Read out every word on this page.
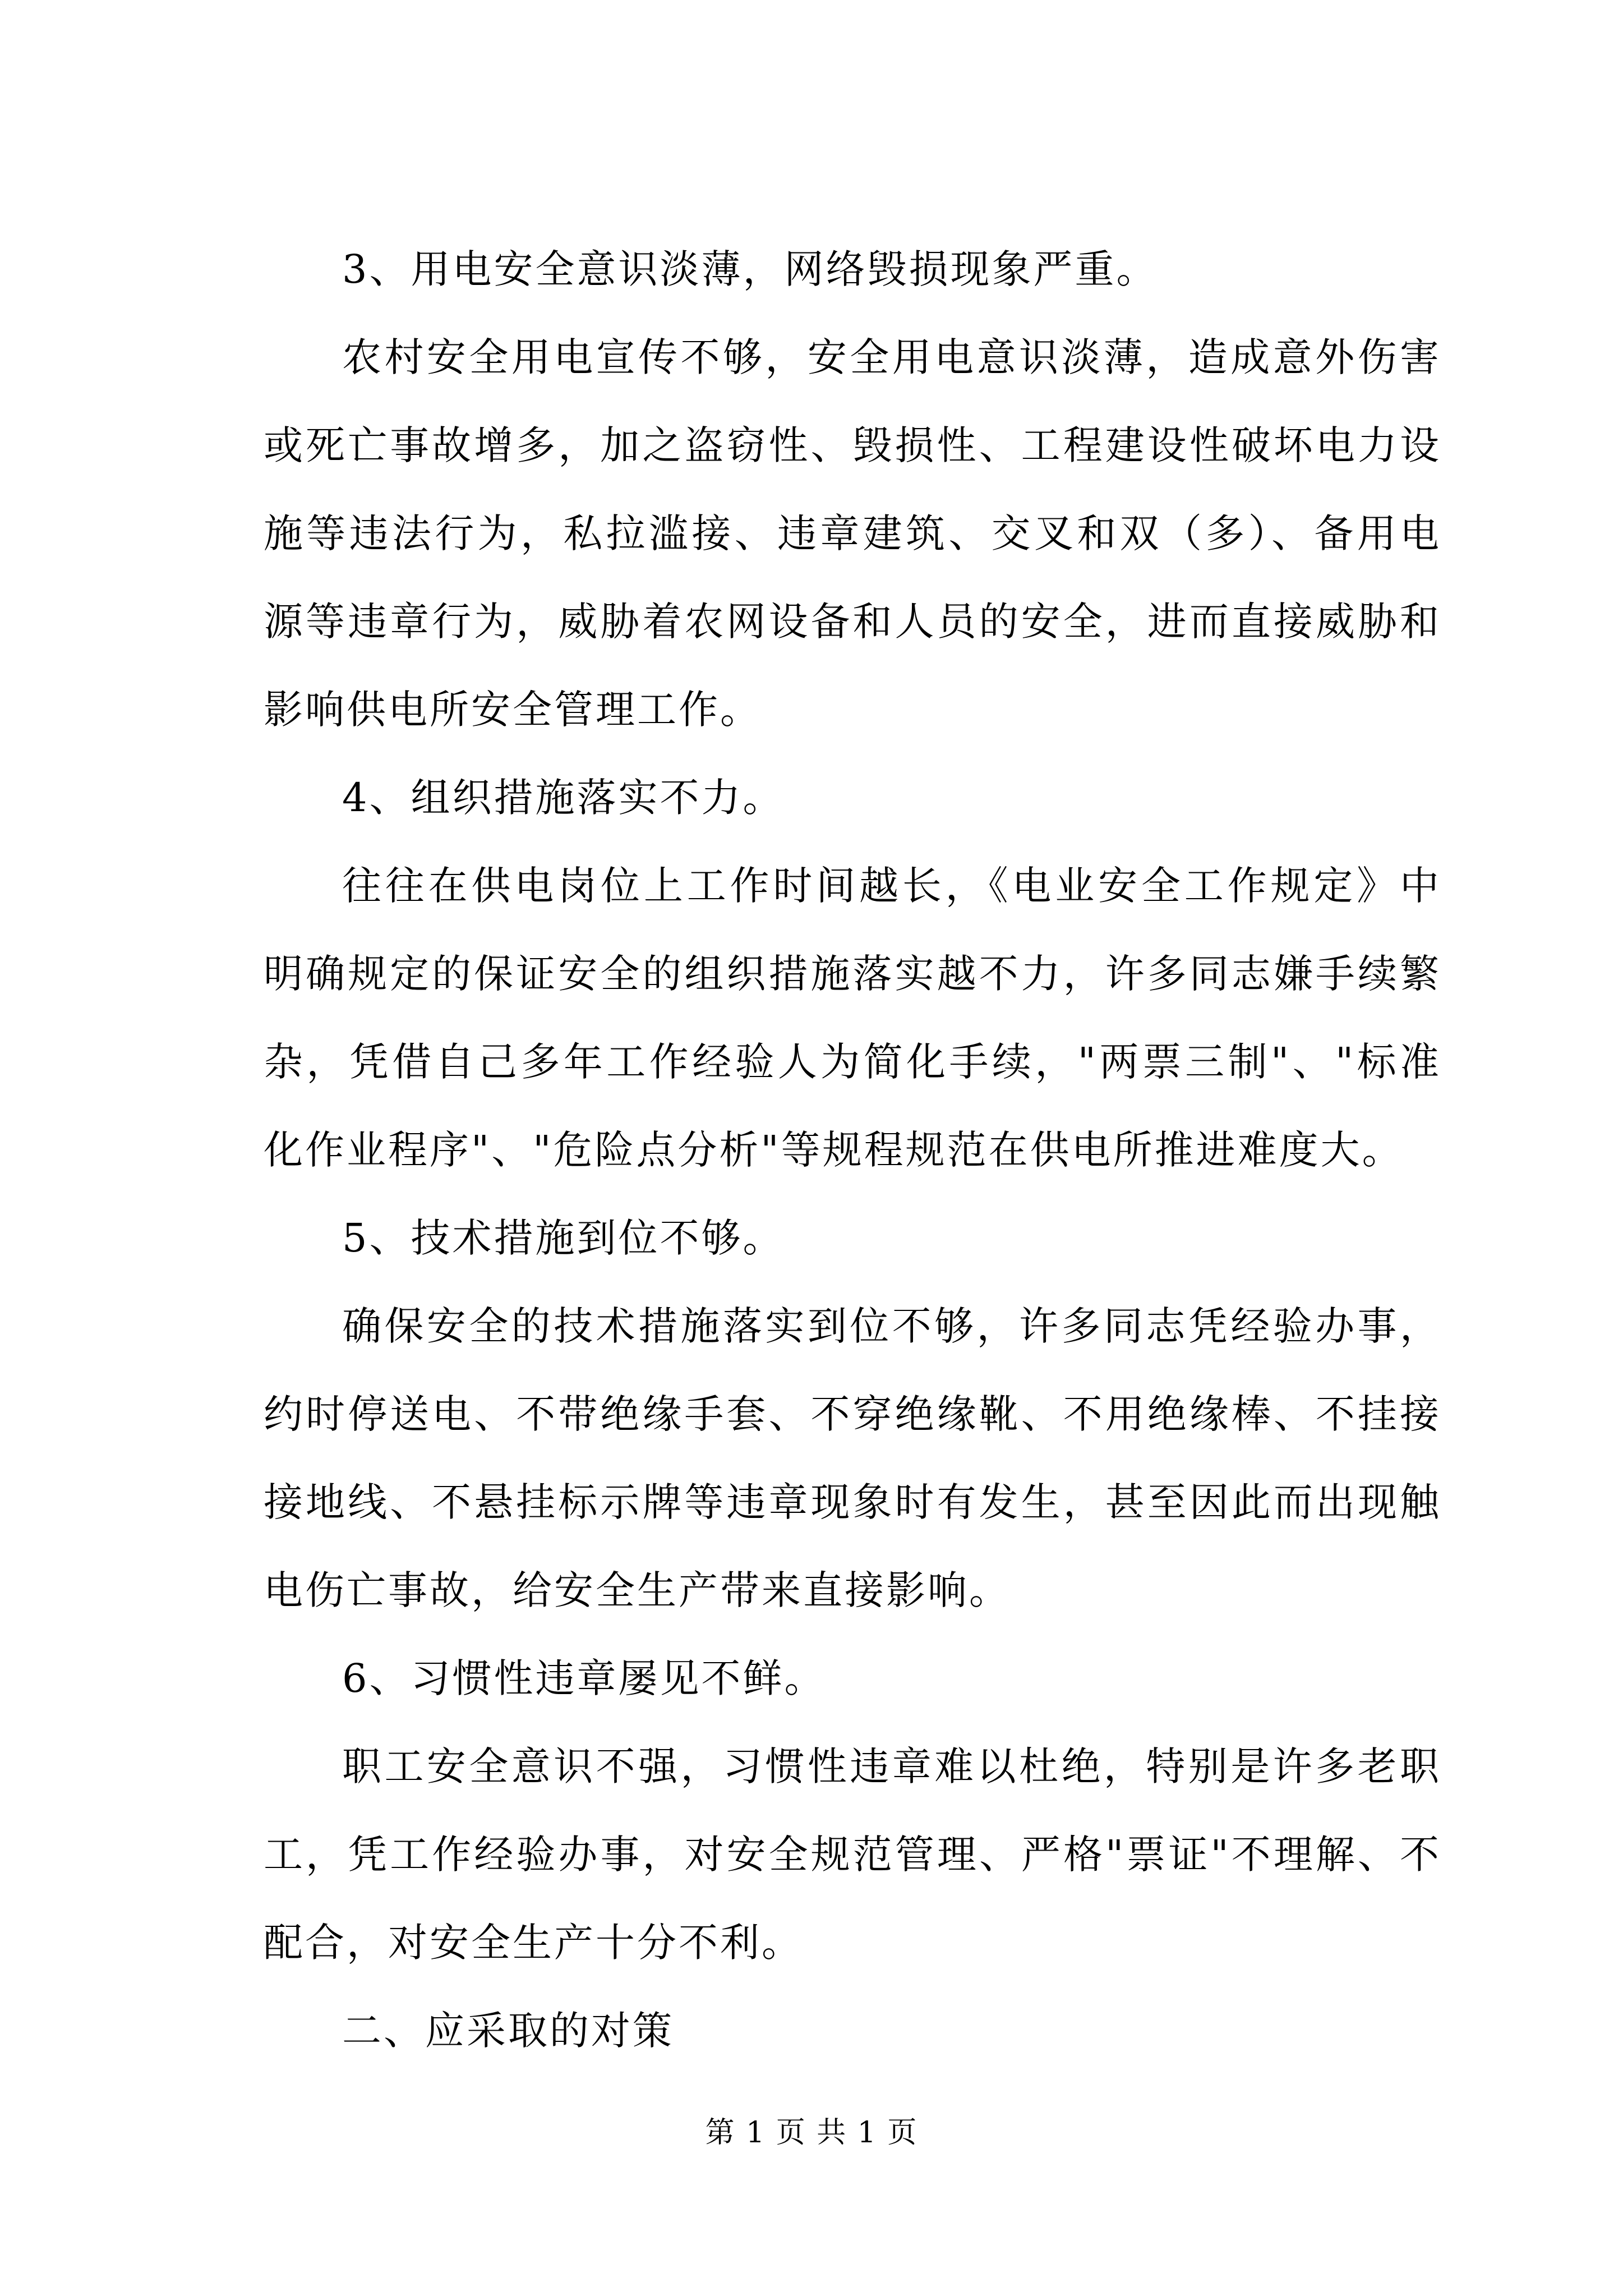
3、用电安全意识淡薄，网络毁损现象严重。

农村安全用电宣传不够，安全用电意识淡薄，造成意外伤害或死亡事故增多，加之盗窃性、毁损性、工程建设性破坏电力设施等违法行为，私拉滥接、违章建筑、交叉和双（多）、备用电源等违章行为，威胁着农网设备和人员的安全，进而直接威胁和影响供电所安全管理工作。

4、组织措施落实不力。

往往在供电岗位上工作时间越长，《电业安全工作规定》中明确规定的保证安全的组织措施落实越不力，许多同志嫌手续繁杂，凭借自己多年工作经验人为简化手续，"两票三制"、"标准化作业程序"、"危险点分析"等规程规范在供电所推进难度大。

5、技术措施到位不够。

确保安全的技术措施落实到位不够，许多同志凭经验办事，约时停送电、不带绝缘手套、不穿绝缘靴、不用绝缘棒、不挂接接地线、不悬挂标示牌等违章现象时有发生，甚至因此而出现触电伤亡事故，给安全生产带来直接影响。

6、习惯性违章屡见不鲜。

职工安全意识不强，习惯性违章难以杜绝，特别是许多老职工，凭工作经验办事，对安全规范管理、严格"票证"不理解、不配合，对安全生产十分不利。

二、应采取的对策

第 1 页 共 1 页
